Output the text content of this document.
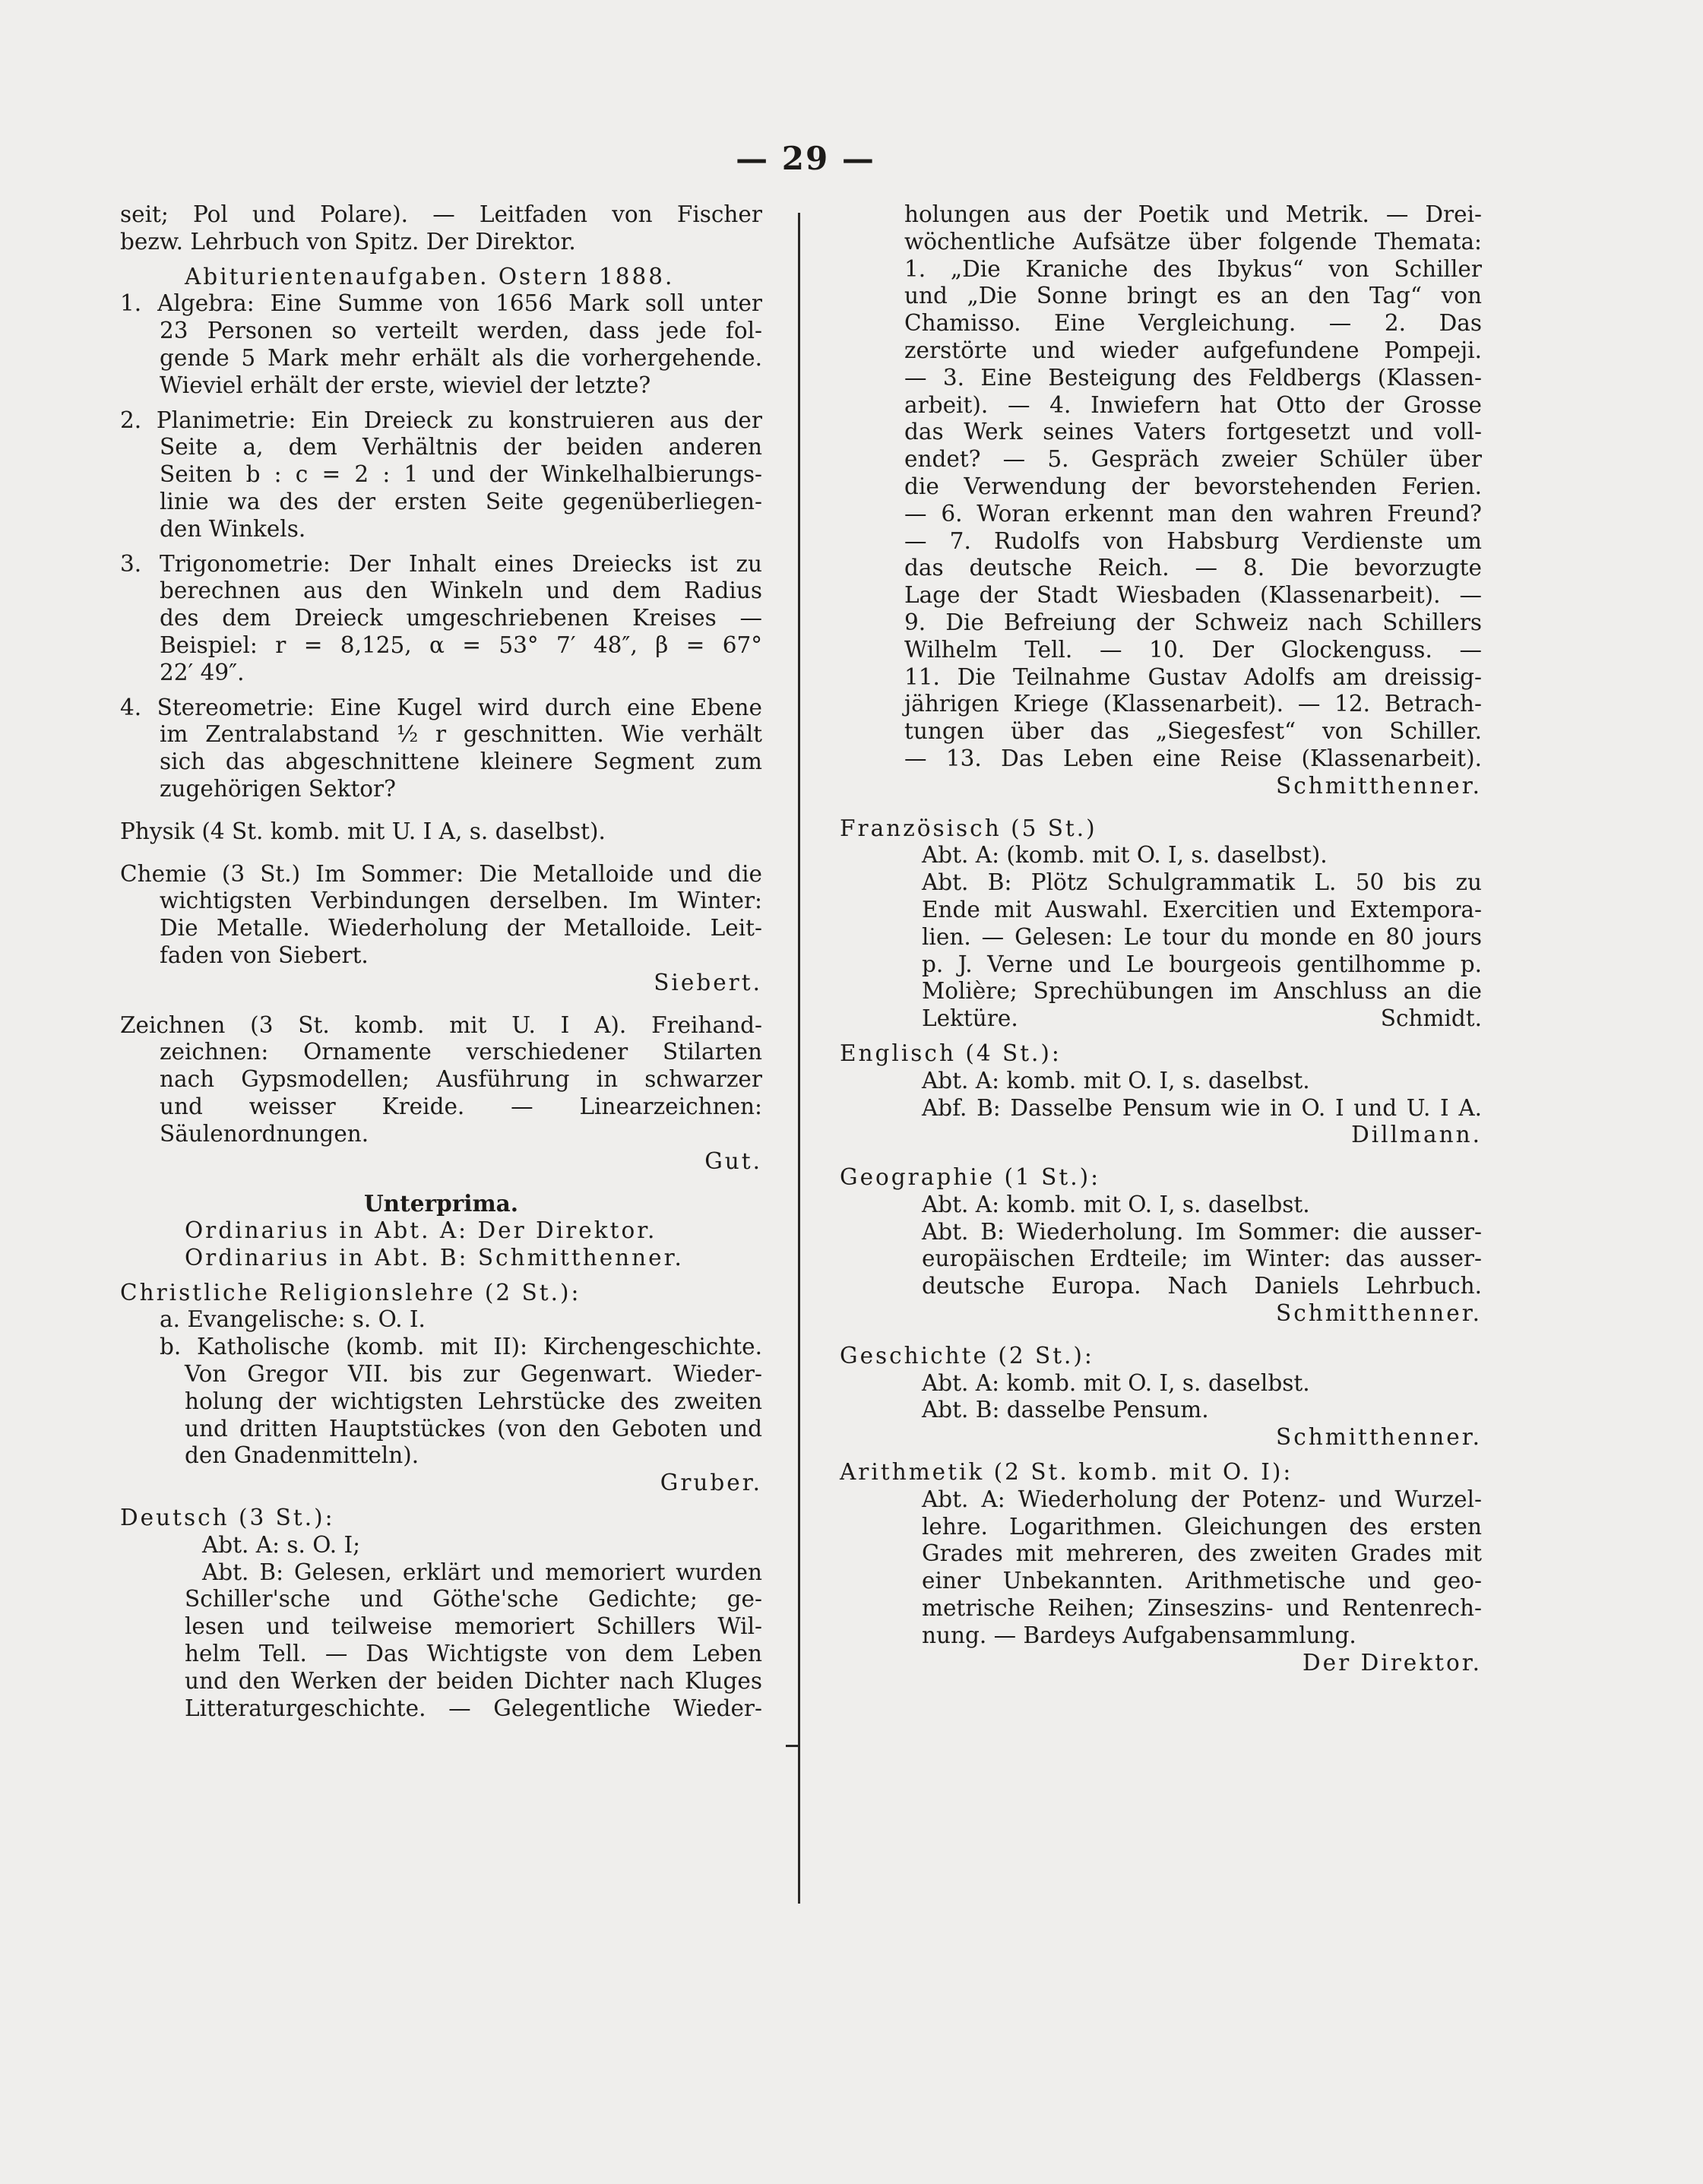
— 29 —

seit; Pol und Polare). — Leitfaden von Fischer

bezw. Lehrbuch von Spitz. Der Direktor.

Abiturientenaufgaben. Ostern 1888.

1. Algebra: Eine Summe von 1656 Mark soll unter

23 Personen so verteilt werden, dass jede fol-

gende 5 Mark mehr erhält als die vorhergehende.

Wieviel erhält der erste, wieviel der letzte?

2. Planimetrie: Ein Dreieck zu konstruieren aus der

Seite a, dem Verhältnis der beiden anderen

Seiten b : c = 2 : 1 und der Winkelhalbierungs-

linie wa des der ersten Seite gegenüberliegen-

den Winkels.

3. Trigonometrie: Der Inhalt eines Dreiecks ist zu

berechnen aus den Winkeln und dem Radius

des dem Dreieck umgeschriebenen Kreises —

Beispiel: r = 8,125, α = 53° 7′ 48″, β = 67°

22′ 49″.

4. Stereometrie: Eine Kugel wird durch eine Ebene

im Zentralabstand ½ r geschnitten. Wie verhält

sich das abgeschnittene kleinere Segment zum

zugehörigen Sektor?

Physik (4 St. komb. mit U. I A, s. daselbst).

Chemie (3 St.) Im Sommer: Die Metalloide und die

wichtigsten Verbindungen derselben. Im Winter:

Die Metalle. Wiederholung der Metalloide. Leit-

faden von Siebert.

Siebert.

Zeichnen (3 St. komb. mit U. I A). Freihand-

zeichnen: Ornamente verschiedener Stilarten

nach Gypsmodellen; Ausführung in schwarzer

und weisser Kreide. — Linearzeichnen:

Säulenordnungen.

Gut.

Unterprima.

Ordinarius in Abt. A: Der Direktor.

Ordinarius in Abt. B: Schmitthenner.

Christliche Religionslehre (2 St.):

a. Evangelische: s. O. I.

b. Katholische (komb. mit II): Kirchengeschichte.

Von Gregor VII. bis zur Gegenwart. Wieder-

holung der wichtigsten Lehrstücke des zweiten

und dritten Hauptstückes (von den Geboten und

den Gnadenmitteln).

Gruber.

Deutsch (3 St.):

Abt. A: s. O. I;

Abt. B: Gelesen, erklärt und memoriert wurden

Schiller'sche und Göthe'sche Gedichte; ge-

lesen und teilweise memoriert Schillers Wil-

helm Tell. — Das Wichtigste von dem Leben

und den Werken der beiden Dichter nach Kluges

Litteraturgeschichte. — Gelegentliche Wieder-

holungen aus der Poetik und Metrik. — Drei-

wöchentliche Aufsätze über folgende Themata:

1. „Die Kraniche des Ibykus“ von Schiller

und „Die Sonne bringt es an den Tag“ von

Chamisso. Eine Vergleichung. — 2. Das

zerstörte und wieder aufgefundene Pompeji.

— 3. Eine Besteigung des Feldbergs (Klassen-

arbeit). — 4. Inwiefern hat Otto der Grosse

das Werk seines Vaters fortgesetzt und voll-

endet? — 5. Gespräch zweier Schüler über

die Verwendung der bevorstehenden Ferien.

— 6. Woran erkennt man den wahren Freund?

— 7. Rudolfs von Habsburg Verdienste um

das deutsche Reich. — 8. Die bevorzugte

Lage der Stadt Wiesbaden (Klassenarbeit). —

9. Die Befreiung der Schweiz nach Schillers

Wilhelm Tell. — 10. Der Glockenguss. —

11. Die Teilnahme Gustav Adolfs am dreissig-

jährigen Kriege (Klassenarbeit). — 12. Betrach-

tungen über das „Siegesfest“ von Schiller.

— 13. Das Leben eine Reise (Klassenarbeit).

Schmitthenner.

Französisch (5 St.)

Abt. A: (komb. mit O. I, s. daselbst).

Abt. B: Plötz Schulgrammatik L. 50 bis zu

Ende mit Auswahl. Exercitien und Extempora-

lien. — Gelesen: Le tour du monde en 80 jours

p. J. Verne und Le bourgeois gentilhomme p.

Molière; Sprechübungen im Anschluss an die

Lektüre. Schmidt.

Englisch (4 St.):

Abt. A: komb. mit O. I, s. daselbst.

Abf. B: Dasselbe Pensum wie in O. I und U. I A.

Dillmann.

Geographie (1 St.):

Abt. A: komb. mit O. I, s. daselbst.

Abt. B: Wiederholung. Im Sommer: die ausser-

europäischen Erdteile; im Winter: das ausser-

deutsche Europa. Nach Daniels Lehrbuch.

Schmitthenner.

Geschichte (2 St.):

Abt. A: komb. mit O. I, s. daselbst.

Abt. B: dasselbe Pensum.

Schmitthenner.

Arithmetik (2 St. komb. mit O. I):

Abt. A: Wiederholung der Potenz- und Wurzel-

lehre. Logarithmen. Gleichungen des ersten

Grades mit mehreren, des zweiten Grades mit

einer Unbekannten. Arithmetische und geo-

metrische Reihen; Zinseszins- und Rentenrech-

nung. — Bardeys Aufgabensammlung.

Der Direktor.
